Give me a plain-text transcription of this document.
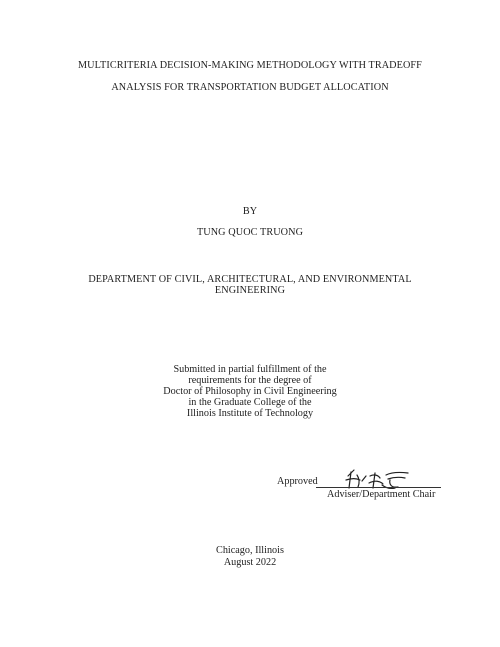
MULTICRITERIA DECISION-MAKING METHODOLOGY WITH TRADEOFF
ANALYSIS FOR TRANSPORTATION BUDGET ALLOCATION
BY
TUNG QUOC TRUONG
DEPARTMENT OF CIVIL, ARCHITECTURAL, AND ENVIRONMENTAL
ENGINEERING
Submitted in partial fulfillment of the
requirements for the degree of
Doctor of Philosophy in Civil Engineering
in the Graduate College of the
Illinois Institute of Technology
Approved
Adviser/Department Chair
Chicago, Illinois
August 2022
